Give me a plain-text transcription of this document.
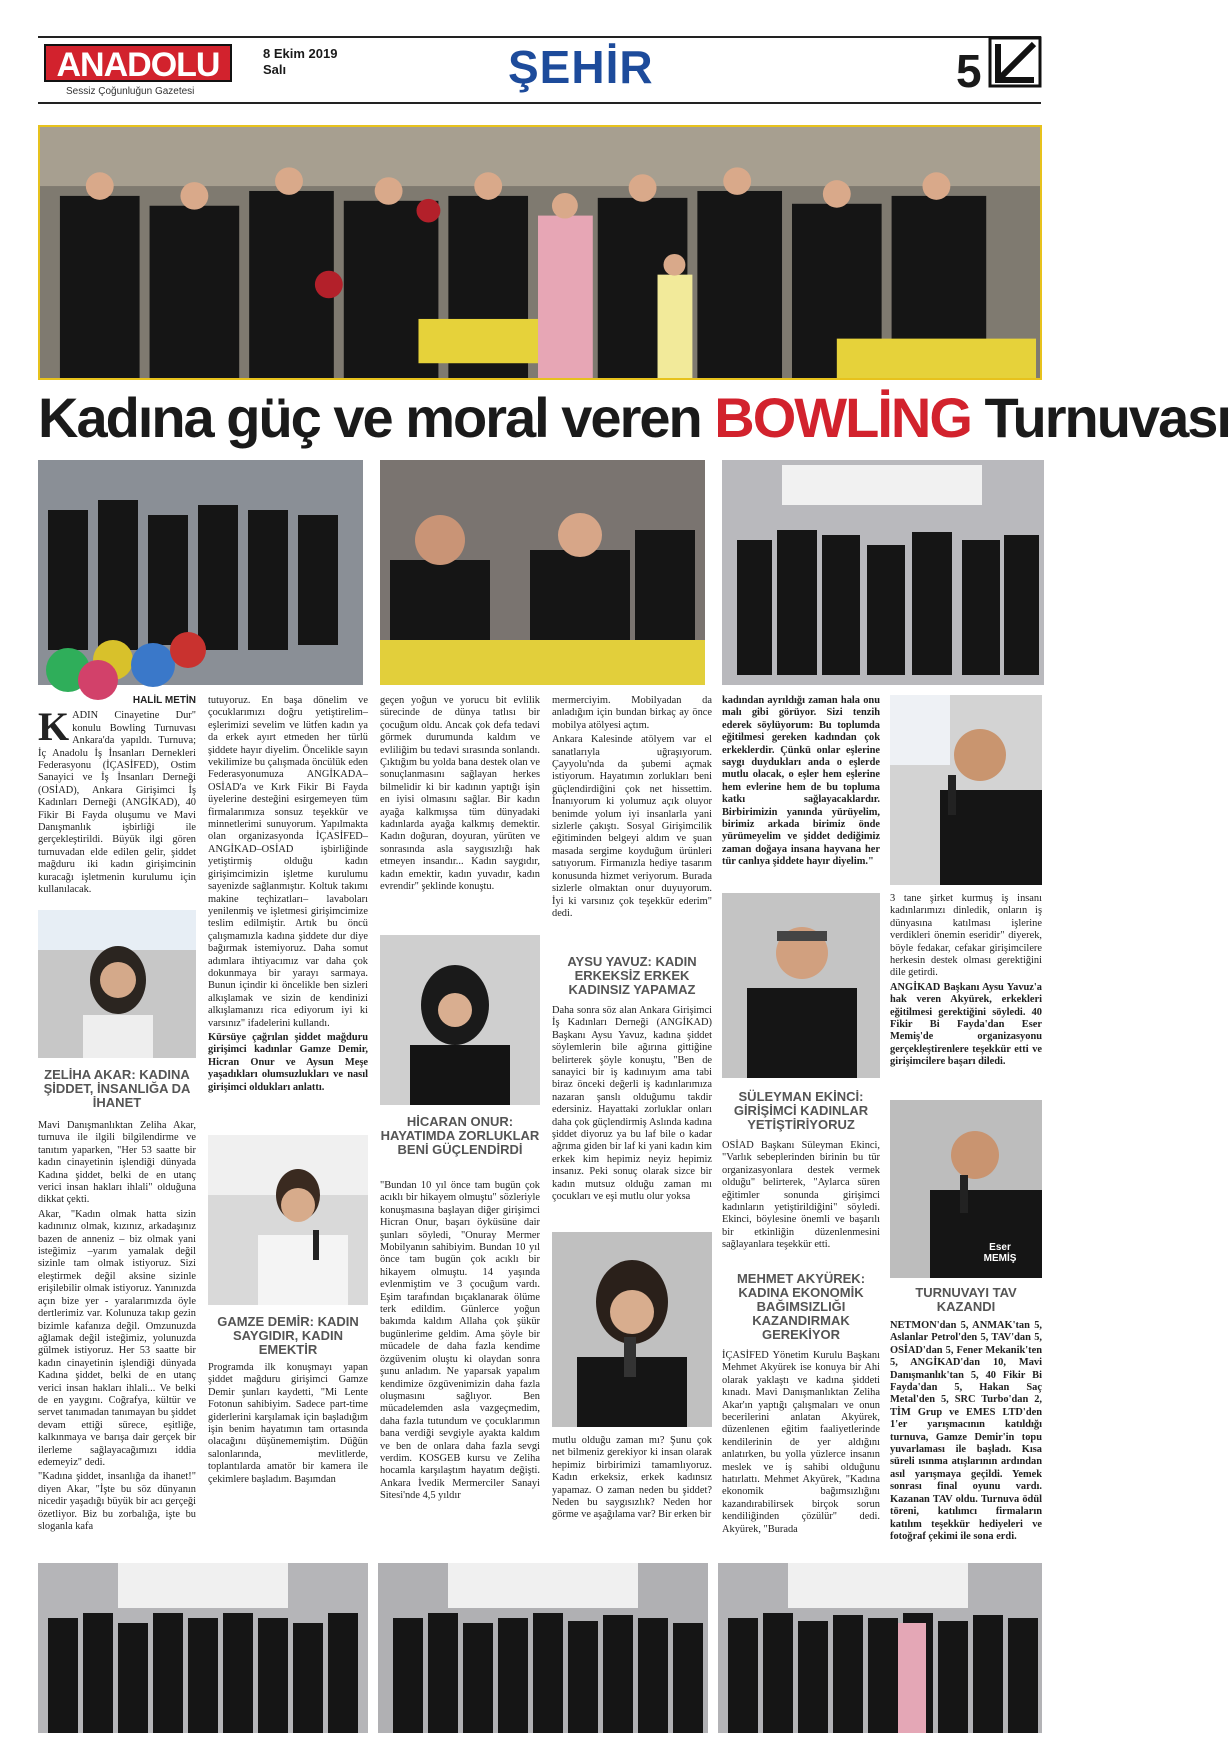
ANADOLU
Sessiz Çoğunluğun Gazetesi
8 Ekim 2019
Salı	ŞEHİR	5
Kadına güç ve moral veren BOWLİNG Turnuvası
HALİL METİN

KADIN Cinayetine Dur" konulu Bowling Turnuvası Ankara'da yapıldı. Turnuva; İç Anadolu İş İnsanları Dernekleri Federasyonu (İÇASİFED), Ostim Sanayici ve İş İnsanları Derneği (OSİAD), Ankara Girişimci İş Kadınları Derneği (ANGİKAD), 40 Fikir Bi Fayda oluşumu ve Mavi Danışmanlık işbirliği ile gerçekleştirildi. Büyük ilgi gören turnuvadan elde edilen gelir, şiddet mağduru iki kadın girişimcinin kuracağı işletmenin kurulumu için kullanılacak.

ZELİHA AKAR: KADINA ŞİDDET, İNSANLIĞA DA İHANET

Mavi Danışmanlıktan Zeliha Akar, turnuva ile ilgili bilgilendirme ve tanıtım yaparken, "Her 53 saatte bir kadın cinayetinin işlendiği dünyada Kadına şiddet, belki de en utanç verici insan hakları ihlali" olduğuna dikkat çekti.

Akar, "Kadın olmak hatta sizin kadınınız olmak, kızınız, arkadaşınız bazen de anneniz – biz olmak yani isteğimiz –yarım yamalak değil sizinle tam olmak istiyoruz. Sizi eleştirmek değil aksine sizinle erişilebilir olmak istiyoruz. Yanınızda açın bize yer - yaralarımızda öyle dertlerimiz var. Kolunuza takıp gezin bizimle kafanıza değil. Omzunuzda ağlamak değil isteğimiz, yolunuzda gülmek istiyoruz. Her 53 saatte bir kadın cinayetinin işlendiği dünyada Kadına şiddet, belki de en utanç verici insan hakları ihlali... Ve belki de en yaygını. Coğrafya, kültür ve servet tanımadan tanımayan bu şiddet devam ettiği sürece, eşitliğe, kalkınmaya ve barışa dair gerçek bir ilerleme sağlayacağımızı iddia edemeyiz" dedi.

"Kadına şiddet, insanlığa da ihanet!" diyen Akar, "İşte bu söz dünyanın nicedir yaşadığı büyük bir acı gerçeği özetliyor. Biz bu zorbalığa, işte bu sloganla kafa

tutuyoruz. En başa dönelim ve çocuklarımızı doğru yetiştirelim–eşlerimizi sevelim ve lütfen kadın ya da erkek ayırt etmeden her türlü şiddete hayır diyelim. Öncelikle sayın vekilimize bu çalışmada öncülük eden Federasyonumuza ANGİKADA–OSİAD'a ve Kırk Fikir Bi Fayda üyelerine desteğini esirgemeyen tüm firmalarımıza sonsuz teşekkür ve minnetlerimi sunuyorum. Yapılmakta olan organizasyonda İÇASİFED–ANGİKAD–OSİAD işbirliğinde yetiştirmiş olduğu kadın girişimcimizin işletme kurulumu sayenizde sağlanmıştır. Koltuk takımı makine teçhizatları– lavaboları yenilenmiş ve işletmesi girişimcimize teslim edilmiştir. Artık bu öncü çalışmamızla kadına şiddete dur diye bağırmak istemiyoruz. Daha somut adımlara ihtiyacımız var daha çok dokunmaya bir yarayı sarmaya. Bunun içindir ki öncelikle ben sizleri alkışlamak ve sizin de kendinizi alkışlamanızı rica ediyorum iyi ki varsınız" ifadelerini kullandı.

Kürsüye çağrılan şiddet mağduru girişimci kadınlar Gamze Demir, Hicran Onur ve Aysun Meşe yaşadıkları olumsuzlukları ve nasıl girişimci oldukları anlattı.

GAMZE DEMİR: KADIN SAYGIDIR, KADIN EMEKTİR

Programda ilk konuşmayı yapan şiddet mağduru girişimci Gamze Demir şunları kaydetti, "Mi Lente Fotonun sahibiyim. Sadece part-time giderlerini karşılamak için başladığım işin benim hayatımın tam ortasında olacağını düşünememiştim. Düğün salonlarında, mevlitlerde, toplantılarda amatör bir kamera ile çekimlere başladım. Başımdan

geçen yoğun ve yorucu bit evlilik sürecinde de dünya tatlısı bir çocuğum oldu. Ancak çok defa tedavi görmek durumunda kaldım ve evliliğim bu tedavi sırasında sonlandı. Çıktığım bu yolda bana destek olan ve sonuçlanmasını sağlayan herkes bilmelidir ki bir kadının yaptığı işin en iyisi olmasını sağlar. Bir kadın ayağa kalkmışsa tüm dünyadaki kadınlarda ayağa kalkmış demektir. Kadın doğuran, doyuran, yürüten ve sonrasında asla saygısızlığı hak etmeyen insandır... Kadın saygıdır, kadın emektir, kadın yuvadır, kadın evrendir" şeklinde konuştu.

HİCARAN ONUR: HAYATIMDA ZORLUKLAR BENİ GÜÇLENDİRDİ

"Bundan 10 yıl önce tam bugün çok acıklı bir hikayem olmuştu" sözleriyle konuşmasına başlayan diğer girişimci Hicran Onur, başarı öyküsüne dair şunları söyledi, "Onuray Mermer Mobilyanın sahibiyim. Bundan 10 yıl önce tam bugün çok acıklı bir hikayem olmuştu. 14 yaşında evlenmiştim ve 3 çocuğum vardı. Eşim tarafından bıçaklanarak ölüme terk edildim. Günlerce yoğun bakımda kaldım Allaha çok şükür bugünlerime geldim. Ama şöyle bir mücadele de daha fazla kendime özgüvenim oluştu ki olaydan sonra şunu anladım. Ne yaparsak yapalım kendimize özgüvenimizin daha fazla oluşmasını sağlıyor. Ben mücadelemden asla vazgeçmedim, daha fazla tutundum ve çocuklarımın bana verdiği sevgiyle ayakta kaldım ve ben de onlara daha fazla sevgi verdim. KOSGEB kursu ve Zeliha hocamla karşılaştım hayatım değişti. Ankara İvedik Mermerciler Sanayi Sitesi'nde 4,5 yıldır

mermerciyim. Mobilyadan da anladığım için bundan birkaç ay önce mobilya atölyesi açtım.

Ankara Kalesinde atölyem var el sanatlarıyla uğraşıyorum. Çayyolu'nda da şubemi açmak istiyorum. Hayatımın zorlukları beni güçlendirdiğini çok net hissettim. İnanıyorum ki yolumuz açık oluyor benimde yolum iyi insanlarla yani sizlerle çakıştı. Sosyal Girişimcilik eğitiminden belgeyi aldım ve şuan masada sergime koyduğum ürünleri satıyorum. Firmanızla hediye tasarım konusunda hizmet veriyorum. Burada sizlerle olmaktan onur duyuyorum. İyi ki varsınız çok teşekkür ederim" dedi.

AYSU YAVUZ: KADIN ERKEKSİZ ERKEK KADINSIZ YAPAMAZ

Daha sonra söz alan Ankara Girişimci İş Kadınları Derneği (ANGİKAD) Başkanı Aysu Yavuz, kadına şiddet söylemlerin bile ağırına gittiğine belirterek şöyle konuştu, "Ben de sanayici bir iş kadınıyım ama tabi biraz önceki değerli iş kadınlarımıza nazaran şanslı olduğumu takdir edersiniz. Hayattaki zorluklar onları daha çok güçlendirmiş Aslında kadına şiddet diyoruz ya bu laf bile o kadar ağrıma giden bir laf ki yani kadın kim erkek kim hepimiz neyiz hepimiz insanız. Peki sonuç olarak sizce bir kadın mutsuz olduğu zaman mı çocukları ve eşi mutlu olur yoksa

mutlu olduğu zaman mı? Şunu çok net bilmeniz gerekiyor ki insan olarak hepimiz birbirimizi tamamlıyoruz. Kadın erkeksiz, erkek kadınsız yapamaz. O zaman neden bu şiddet? Neden bu saygısızlık? Neden hor görme ve aşağılama var? Bir erken bir

kadından ayrıldığı zaman hala onu malı gibi görüyor. Sizi tenzih ederek söylüyorum: Bu toplumda eğitilmesi gereken kadından çok erkeklerdir. Çünkü onlar eşlerine saygı duydukları anda o eşlerde mutlu olacak, o eşler hem eşlerine hem evlerine hem de bu topluma katkı sağlayacaklardır. Birbirimizin yanında yürüyelim, birimiz arkada birimiz önde yürümeyelim ve şiddet dediğimiz zaman doğaya insana hayvana her tür canlıya şiddete hayır diyelim."

SÜLEYMAN EKİNCİ: GİRİŞİMCİ KADINLAR YETİŞTİRİYORUZ

OSİAD Başkanı Süleyman Ekinci, "Varlık sebeplerinden birinin bu tür organizasyonlara destek vermek olduğu" belirterek, "Aylarca süren eğitimler sonunda girişimci kadınların yetiştirildiğini" söyledi. Ekinci, böylesine önemli ve başarılı bir etkinliğin düzenlenmesini sağlayanlara teşekkür etti.

MEHMET AKYÜREK: KADINA EKONOMİK BAĞIMSIZLIĞI KAZANDIRMAK GEREKİYOR

İÇASİFED Yönetim Kurulu Başkanı Mehmet Akyürek ise konuya bir Ahi olarak yaklaştı ve kadına şiddeti kınadı. Mavi Danışmanlıktan Zeliha Akar'ın yaptığı çalışmaları ve onun becerilerini anlatan Akyürek, düzenlenen eğitim faaliyetlerinde kendilerinin de yer aldığını anlatırken, bu yolla yüzlerce insanın meslek ve iş sahibi olduğunu hatırlattı. Mehmet Akyürek, "Kadına ekonomik bağımsızlığını kazandırabilirsek birçok sorun kendiliğinden çözülür" dedi. Akyürek, "Burada

3 tane şirket kurmuş iş insanı kadınlarımızı dinledik, onların iş dünyasına katılması işlerine verdikleri önemin eseridir" diyerek, böyle fedakar, cefakar girişimcilere herkesin destek olması gerektiğini dile getirdi.

ANGİKAD Başkanı Aysu Yavuz'a hak veren Akyürek, erkekleri eğitilmesi gerektiğini söyledi. 40 Fikir Bi Fayda'dan Eser Memiş'de organizasyonu gerçekleştirenlere teşekkür etti ve girişimcilere başarı diledi.

Eser
MEMİŞ
TURNUVAYI TAV KAZANDI

NETMON'dan 5, ANMAK'tan 5, Aslanlar Petrol'den 5, TAV'dan 5, OSİAD'dan 5, Fener Mekanik'ten 5, ANGİKAD'dan 10, Mavi Danışmanlık'tan 5, 40 Fikir Bi Fayda'dan 5, Hakan Saç Metal'den 5, SRC Turbo'dan 2, TİM Grup ve EMES LTD'den 1'er yarışmacının katıldığı turnuva, Gamze Demir'in topu yuvarlaması ile başladı. Kısa süreli ısınma atışlarının ardından asıl yarışmaya geçildi. Yemek sonrası final oyunu vardı. Kazanan TAV oldu. Turnuva ödül töreni, katılımcı firmaların katılım teşekkür hediyeleri ve fotoğraf çekimi ile sona erdi.
